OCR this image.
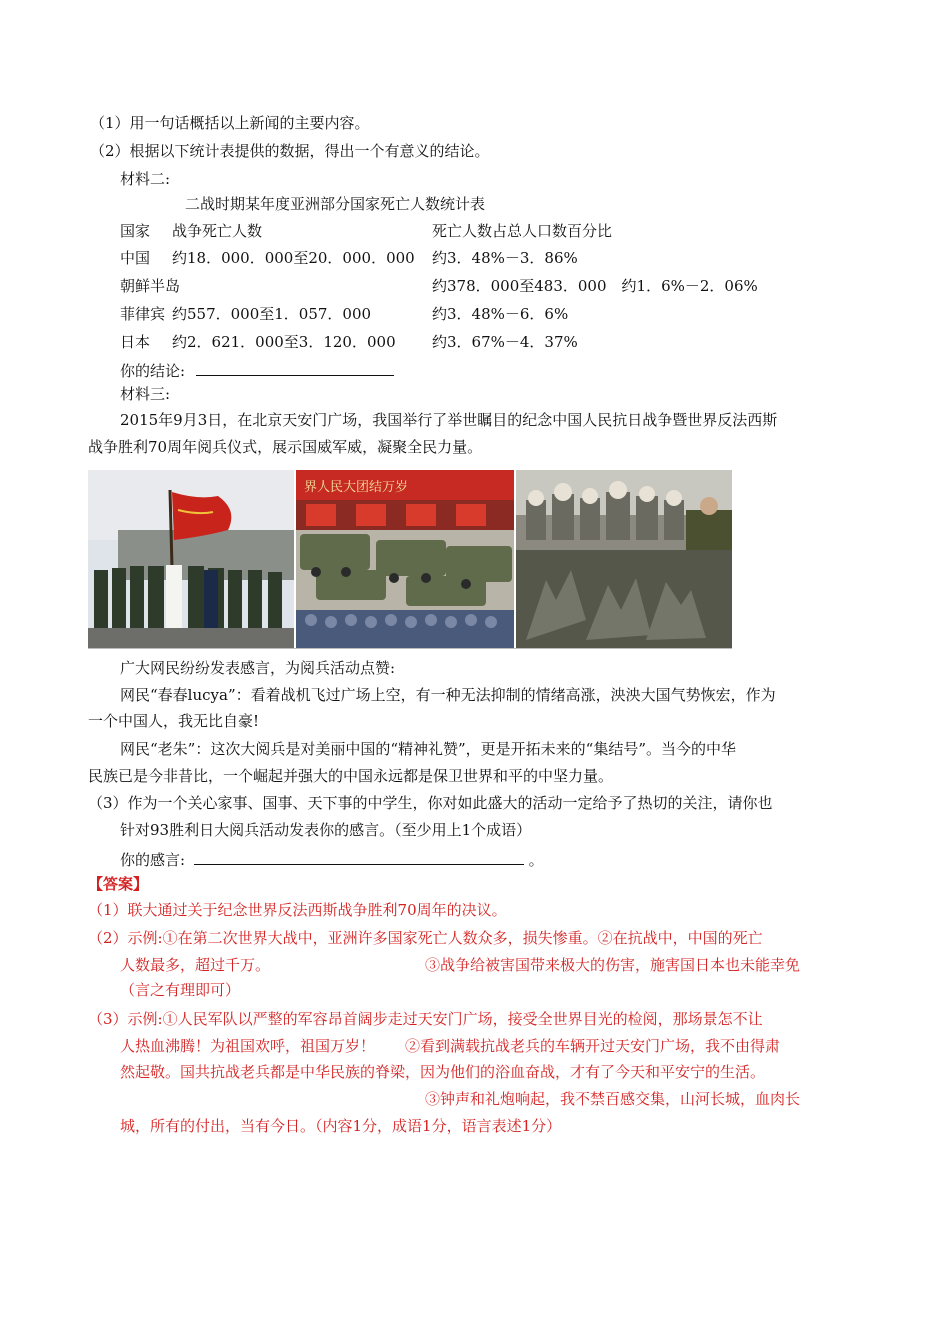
（1）用一句话概括以上新闻的主要内容。
（2）根据以下统计表提供的数据，得出一个有意义的结论。
材料二:
二战时期某年度亚洲部分国家死亡人数统计表
国家 战争死亡人数	死亡人数占总人口数百分比
中国 约18．000．000至20．000．000 约3．48%－3．86%
朝鲜半岛	约378．000至483．000　约1．6%－2．06%
菲律宾 约557．000至1．057．000	约3．48%－6．6%
日本 约2．621．000至3．120．000 约3．67%－4．37%
你的结论:
材料三:
2015年9月3日，在北京天安门广场，我国举行了举世瞩目的纪念中国人民抗日战争暨世界反法西斯
战争胜利70周年阅兵仪式，展示国威军威，凝聚全民力量。
界人民大团结万岁
广大网民纷纷发表感言，为阅兵活动点赞:
网民“春春lucya”：看着战机飞过广场上空，有一种无法抑制的情绪高涨，泱泱大国气势恢宏，作为
一个中国人，我无比自豪!
网民“老朱”：这次大阅兵是对美丽中国的“精神礼赞”，更是开拓未来的“集结号”。当今的中华
民族已是今非昔比，一个崛起并强大的中国永远都是保卫世界和平的中坚力量。
（3）作为一个关心家事、国事、天下事的中学生，你对如此盛大的活动一定给予了热切的关注，请你也
针对93胜利日大阅兵活动发表你的感言。（至少用上1个成语）
你的感言:	。
【答案】
（1）联大通过关于纪念世界反法西斯战争胜利70周年的决议。
（2）示例:①在第二次世界大战中，亚洲许多国家死亡人数众多，损失惨重。②在抗战中，中国的死亡
人数最多，超过千万。	③战争给被害国带来极大的伤害，施害国日本也未能幸免
（言之有理即可）
（3）示例:①人民军队以严整的军容昂首阔步走过天安门广场，接受全世界目光的检阅，那场景怎不让
人热血沸腾！为祖国欢呼，祖国万岁！　　②看到满载抗战老兵的车辆开过天安门广场，我不由得肃
然起敬。国共抗战老兵都是中华民族的脊梁，因为他们的浴血奋战，才有了今天和平安宁的生活。
③钟声和礼炮响起，我不禁百感交集，山河长城，血肉长
城，所有的付出，当有今日。（内容1分，成语1分，语言表述1分）
